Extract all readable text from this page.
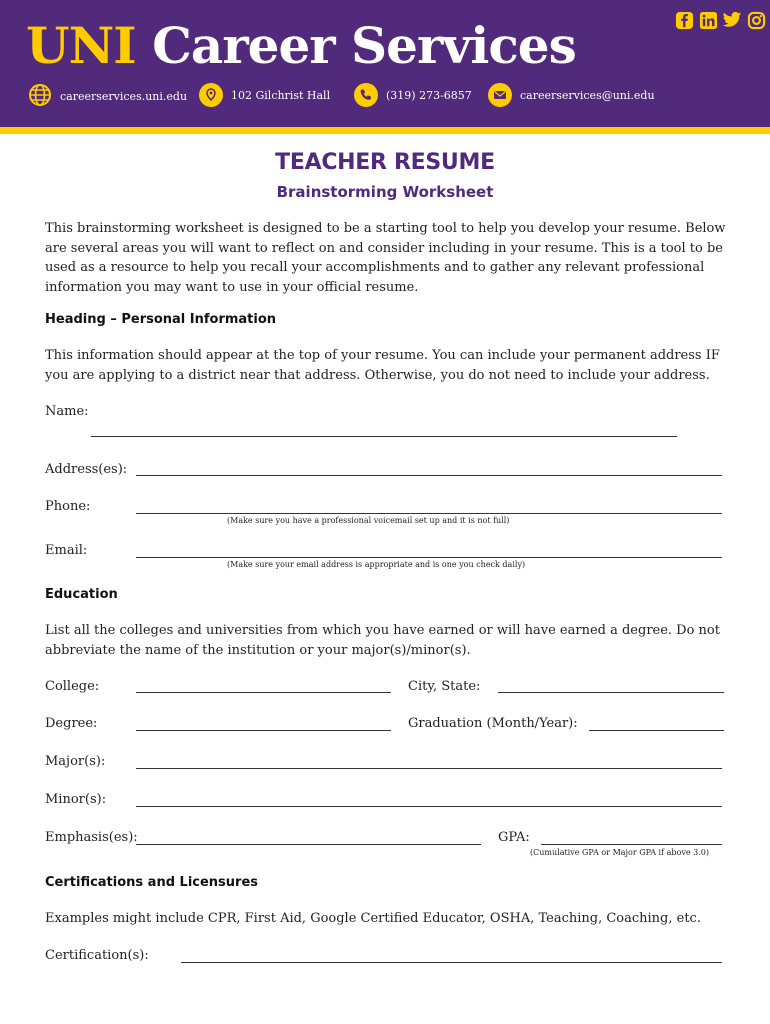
UNI Career Services
careerservices.uni.edu	102 Gilchrist Hall	(319) 273-6857	careerservices@uni.edu
TEACHER RESUME
Brainstorming Worksheet

This brainstorming worksheet is designed to be a starting tool to help you develop your resume. Below are several areas you will want to reflect on and consider including in your resume. This is a tool to be used as a resource to help you recall your accomplishments and to gather any relevant professional information you may want to use in your official resume.

Heading – Personal Information

This information should appear at the top of your resume. You can include your permanent address IF you are applying to a district near that address. Otherwise, you do not need to include your address.

Name:
Address(es):
Phone:
(Make sure you have a professional voicemail set up and it is not full)
Email:
(Make sure your email address is appropriate and is one you check daily)
Education

List all the colleges and universities from which you have earned or will have earned a degree. Do not abbreviate the name of the institution or your major(s)/minor(s).

College:	City, State:
Degree:	Graduation (Month/Year):
Major(s):
Minor(s):
Emphasis(es):	GPA:
(Cumulative GPA or Major GPA if above 3.0)
Certifications and Licensures

Examples might include CPR, First Aid, Google Certified Educator, OSHA, Teaching, Coaching, etc.

Certification(s):
